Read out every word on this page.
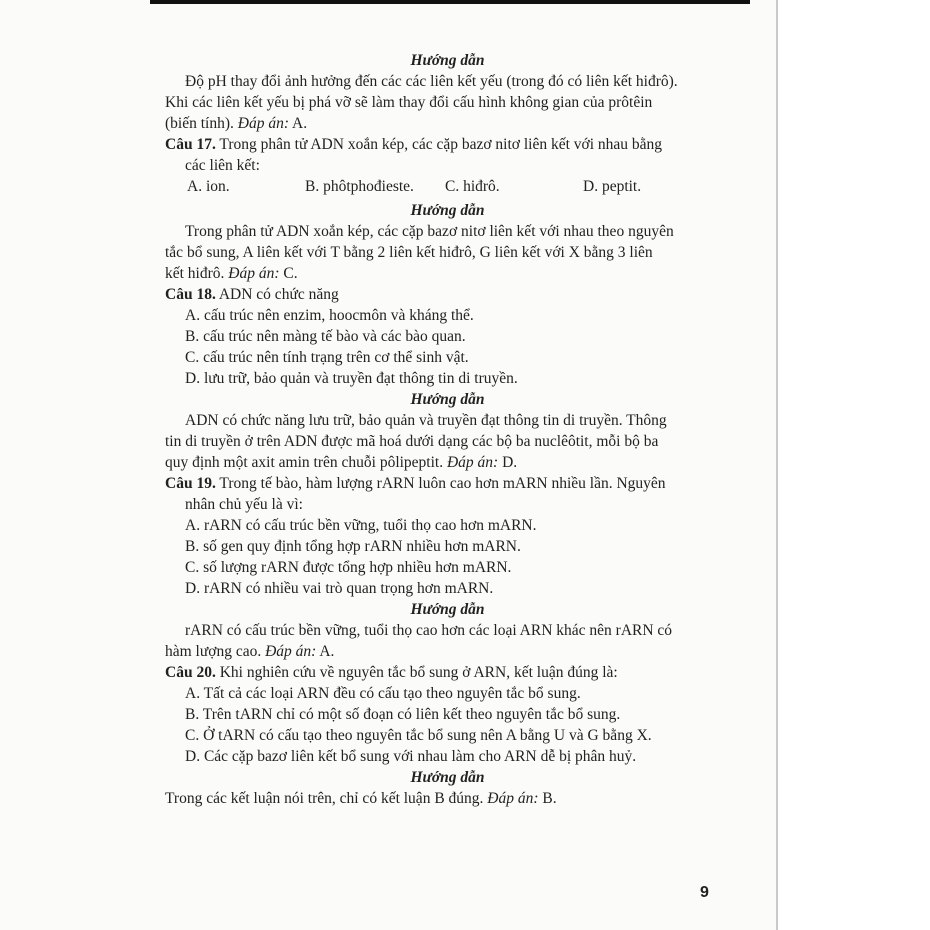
Hướng dẫn
Độ pH thay đổi ảnh hưởng đến các các liên kết yếu (trong đó có liên kết hiđrô).
Khi các liên kết yếu bị phá vỡ sẽ làm thay đổi cấu hình không gian của prôtêin
(biến tính). Đáp án: A.
Câu 17. Trong phân tử ADN xoắn kép, các cặp bazơ nitơ liên kết với nhau bằng
các liên kết:
A. ion.	B. phôtphođieste.	C. hiđrô.	D. peptit.
Hướng dẫn
Trong phân tử ADN xoắn kép, các cặp bazơ nitơ liên kết với nhau theo nguyên
tắc bổ sung, A liên kết với T bằng 2 liên kết hiđrô, G liên kết với X bằng 3 liên
kết hiđrô. Đáp án: C.
Câu 18. ADN có chức năng
A. cấu trúc nên enzim, hoocmôn và kháng thể.
B. cấu trúc nên màng tế bào và các bào quan.
C. cấu trúc nên tính trạng trên cơ thể sinh vật.
D. lưu trữ, bảo quản và truyền đạt thông tin di truyền.
Hướng dẫn
ADN có chức năng lưu trữ, bảo quản và truyền đạt thông tin di truyền. Thông
tin di truyền ở trên ADN được mã hoá dưới dạng các bộ ba nuclêôtit, mỗi bộ ba
quy định một axit amin trên chuỗi pôlipeptit. Đáp án: D.
Câu 19. Trong tế bào, hàm lượng rARN luôn cao hơn mARN nhiều lần. Nguyên
nhân chủ yếu là vì:
A. rARN có cấu trúc bền vững, tuổi thọ cao hơn mARN.
B. số gen quy định tổng hợp rARN nhiều hơn mARN.
C. số lượng rARN được tổng hợp nhiều hơn mARN.
D. rARN có nhiều vai trò quan trọng hơn mARN.
Hướng dẫn
rARN có cấu trúc bền vững, tuổi thọ cao hơn các loại ARN khác nên rARN có
hàm lượng cao. Đáp án: A.
Câu 20. Khi nghiên cứu về nguyên tắc bổ sung ở ARN, kết luận đúng là:
A. Tất cả các loại ARN đều có cấu tạo theo nguyên tắc bổ sung.
B. Trên tARN chỉ có một số đoạn có liên kết theo nguyên tắc bổ sung.
C. Ở tARN có cấu tạo theo nguyên tắc bổ sung nên A bằng U và G bằng X.
D. Các cặp bazơ liên kết bổ sung với nhau làm cho ARN dễ bị phân huỷ.
Hướng dẫn
Trong các kết luận nói trên, chỉ có kết luận B đúng. Đáp án: B.
9
